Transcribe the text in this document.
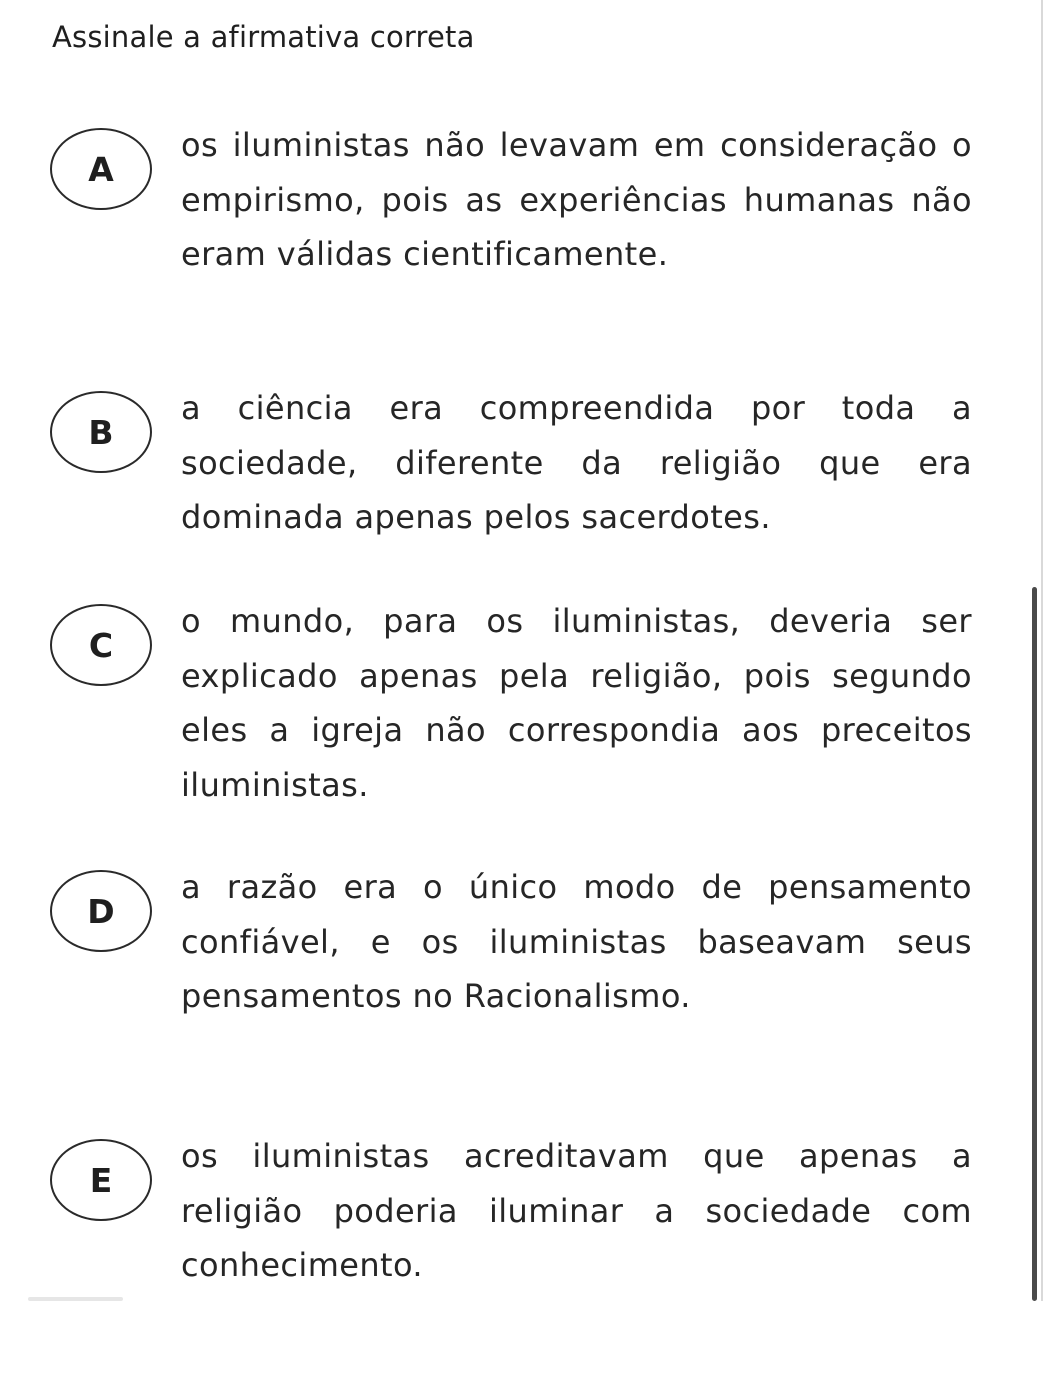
Assinale a afirmativa correta
A
os iluministas não levavam em consideração o empirismo, pois as experiências humanas não eram válidas cientificamente.
B
a ciência era compreendida por toda a sociedade, diferente da religião que era dominada apenas pelos sacerdotes.
C
o mundo, para os iluministas, deveria ser explicado apenas pela religião, pois segundo eles a igreja não correspondia aos preceitos iluministas.
D
a razão era o único modo de pensamento confiável, e os iluministas baseavam seus pensamentos no Racionalismo.
E
os iluministas acreditavam que apenas a religião poderia iluminar a sociedade com conhecimento.
